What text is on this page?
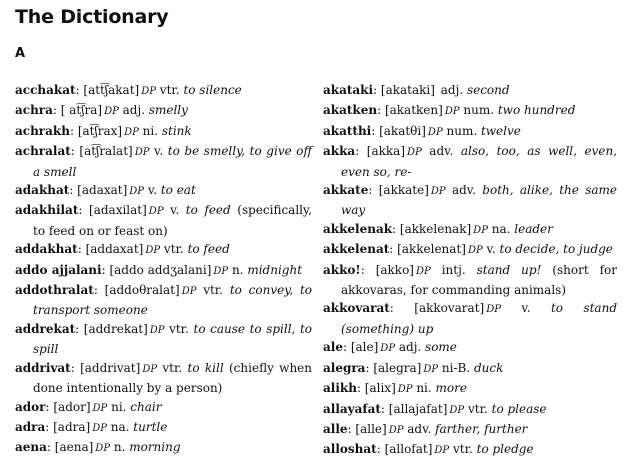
The Dictionary
A
acchakat: [att͡ʃakat] DP vtr. to silence
achra: [ at͡ʃra] DP adj. smelly
achrakh: [at͡ʃrax] DP ni. stink
achralat: [at͡ʃralat] DP v. to be smelly, to give off a smell
adakhat: [adaxat] DP v. to eat
adakhilat: [adaxilat] DP v. to feed (specifically, to feed on or feast on)
addakhat: [addaxat] DP vtr. to feed
addo ajjalani: [addo addʒalani] DP n. midnight
addothralat: [addoθralat] DP vtr. to convey, to transport someone
addrekat: [addrekat] DP vtr. to cause to spill, to spill
addrivat: [addrivat] DP vtr. to kill (chiefly when done intentionally by a person)
ador: [ador] DP ni. chair
adra: [adra] DP na. turtle
aena: [aena] DP n. morning
akataki: [akataki] adj. second
akatken: [akatken] DP num. two hundred
akatthi: [akatθi] DP num. twelve
akka: [akka] DP adv. also, too, as well, even, even so, re-
akkate: [akkate] DP adv. both, alike, the same way
akkelenak: [akkelenak] DP na. leader
akkelenat: [akkelenat] DP v. to decide, to judge
akko!: [akko] DP intj. stand up! (short for akkovaras, for commanding animals)
akkovarat: [akkovarat] DP v. to stand (something) up
ale: [ale] DP adj. some
alegra: [alegra] DP ni-B. duck
alikh: [alix] DP ni. more
allayafat: [allajafat] DP vtr. to please
alle: [alle] DP adv. farther, further
alloshat: [allofat] DP vtr. to pledge
